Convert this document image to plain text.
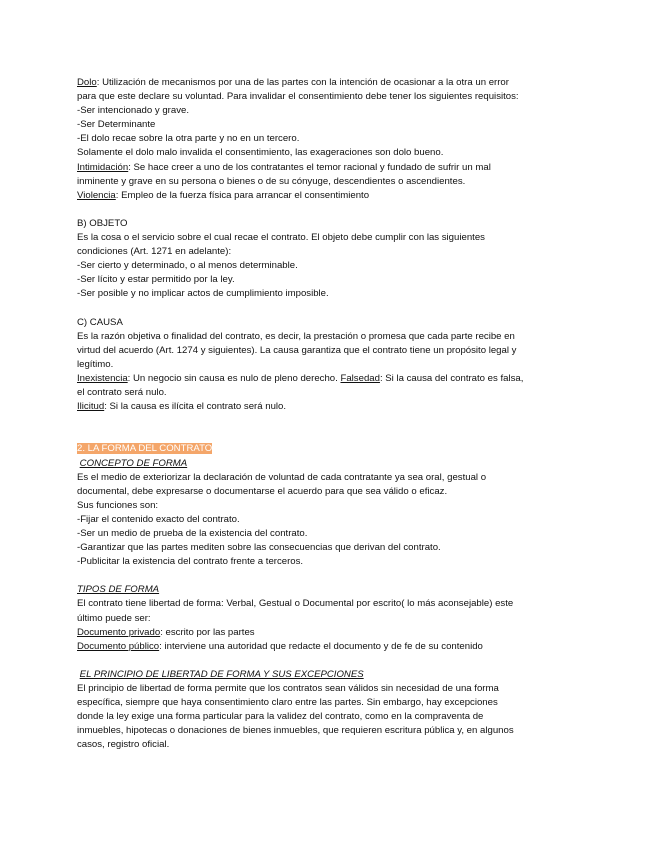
Dolo: Utilización de mecanismos por una de las partes con la intención de ocasionar a la otra un error

para que este declare su voluntad. Para invalidar el consentimiento debe tener los siguientes requisitos:

-Ser intencionado y grave.

-Ser Determinante

-El dolo recae sobre la otra parte y no en un tercero.

Solamente el dolo malo invalida el consentimiento, las exageraciones son dolo bueno.

Intimidación: Se hace creer a uno de los contratantes el temor racional y fundado de sufrir un mal

inminente y grave en su persona o bienes o de su cónyuge, descendientes o ascendientes.

Violencia: Empleo de la fuerza física para arrancar el consentimiento

B) OBJETO

Es la cosa o el servicio sobre el cual recae el contrato. El objeto debe cumplir con las siguientes

condiciones (Art. 1271 en adelante):

-Ser cierto y determinado, o al menos determinable.

-Ser lícito y estar permitido por la ley.

-Ser posible y no implicar actos de cumplimiento imposible.

C) CAUSA

Es la razón objetiva o finalidad del contrato, es decir, la prestación o promesa que cada parte recibe en

virtud del acuerdo (Art. 1274 y siguientes). La causa garantiza que el contrato tiene un propósito legal y

legítimo.

Inexistencia: Un negocio sin causa es nulo de pleno derecho. Falsedad: Si la causa del contrato es falsa,

el contrato será nulo.

Ilicitud: Si la causa es ilícita el contrato será nulo.

2. LA FORMA DEL CONTRATO

CONCEPTO DE FORMA

Es el medio de exteriorizar la declaración de voluntad de cada contratante ya sea oral, gestual o

documental, debe expresarse o documentarse el acuerdo para que sea válido o eficaz.

Sus funciones son:

-Fijar el contenido exacto del contrato.

-Ser un medio de prueba de la existencia del contrato.

-Garantizar que las partes mediten sobre las consecuencias que derivan del contrato.

-Publicitar la existencia del contrato frente a terceros.

TIPOS DE FORMA

El contrato tiene libertad de forma: Verbal, Gestual o Documental por escrito( lo más aconsejable) este

último puede ser:

Documento privado: escrito por las partes

Documento público: interviene una autoridad que redacte el documento y de fe de su contenido

EL PRINCIPIO DE LIBERTAD DE FORMA Y SUS EXCEPCIONES

El principio de libertad de forma permite que los contratos sean válidos sin necesidad de una forma

específica, siempre que haya consentimiento claro entre las partes. Sin embargo, hay excepciones

donde la ley exige una forma particular para la validez del contrato, como en la compraventa de

inmuebles, hipotecas o donaciones de bienes inmuebles, que requieren escritura pública y, en algunos

casos, registro oficial.
